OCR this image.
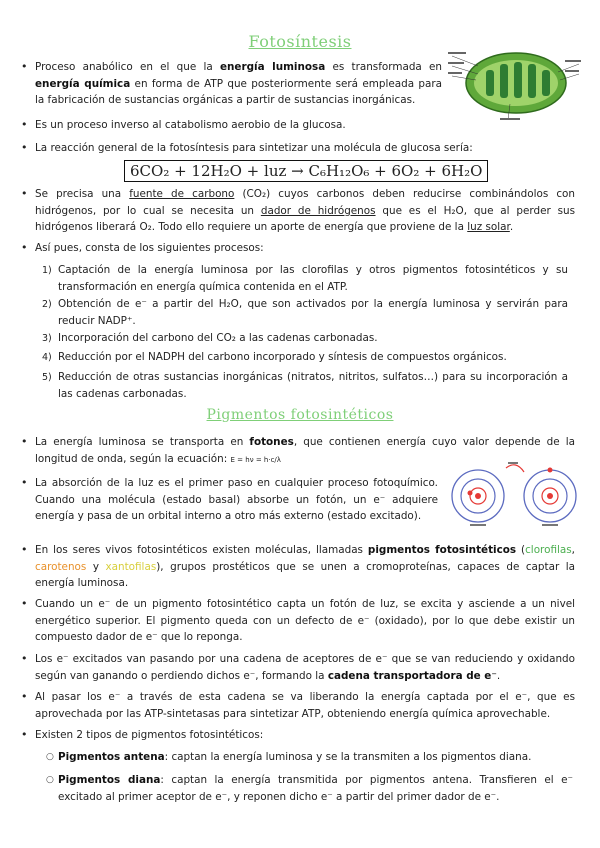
Fotosíntesis
• Proceso anabólico en el que la energía luminosa es transformada en energía química en forma de ATP que posteriormente será empleada para la fabricación de sustancias orgánicas a partir de sustancias inorgánicas.
• Es un proceso inverso al catabolismo aerobio de la glucosa.
• La reacción general de la fotosíntesis para sintetizar una molécula de glucosa sería:
6CO₂ + 12H₂O + luz → C₆H₁₂O₆ + 6O₂ + 6H₂O
• Se precisa una fuente de carbono (CO₂) cuyos carbonos deben reducirse combinándolos con hidrógenos, por lo cual se necesita un dador de hidrógenos que es el H₂O, que al perder sus hidrógenos liberará O₂. Todo ello requiere un aporte de energía que proviene de la luz solar.
• Así pues, consta de los siguientes procesos:
1) Captación de la energía luminosa por las clorofilas y otros pigmentos fotosintéticos y su transformación en energía química contenida en el ATP.
2) Obtención de e⁻ a partir del H₂O, que son activados por la energía luminosa y servirán para reducir NADP⁺.
3) Incorporación del carbono del CO₂ a las cadenas carbonadas.
4) Reducción por el NADPH del carbono incorporado y síntesis de compuestos orgánicos.
5) Reducción de otras sustancias inorgánicas (nitratos, nitritos, sulfatos…) para su incorporación a las cadenas carbonadas.
Pigmentos fotosintéticos
• La energía luminosa se transporta en fotones, que contienen energía cuyo valor depende de la longitud de onda, según la ecuación: E = hν = h·c/λ
• La absorción de la luz es el primer paso en cualquier proceso fotoquímico. Cuando una molécula (estado basal) absorbe un fotón, un e⁻ adquiere energía y pasa de un orbital interno a otro más externo (estado excitado).
• En los seres vivos fotosintéticos existen moléculas, llamadas pigmentos fotosintéticos (clorofilas, carotenos y xantofilas), grupos prostéticos que se unen a cromoproteínas, capaces de captar la energía luminosa.
• Cuando un e⁻ de un pigmento fotosintético capta un fotón de luz, se excita y asciende a un nivel energético superior. El pigmento queda con un defecto de e⁻ (oxidado), por lo que debe existir un compuesto dador de e⁻ que lo reponga.
• Los e⁻ excitados van pasando por una cadena de aceptores de e⁻ que se van reduciendo y oxidando según van ganando o perdiendo dichos e⁻, formando la cadena transportadora de e⁻.
• Al pasar los e⁻ a través de esta cadena se va liberando la energía captada por el e⁻, que es aprovechada por las ATP-sintetasas para sintetizar ATP, obteniendo energía química aprovechable.
• Existen 2 tipos de pigmentos fotosintéticos:
○ Pigmentos antena: captan la energía luminosa y se la transmiten a los pigmentos diana.
○ Pigmentos diana: captan la energía transmitida por pigmentos antena. Transfieren el e⁻ excitado al primer aceptor de e⁻, y reponen dicho e⁻ a partir del primer dador de e⁻.
